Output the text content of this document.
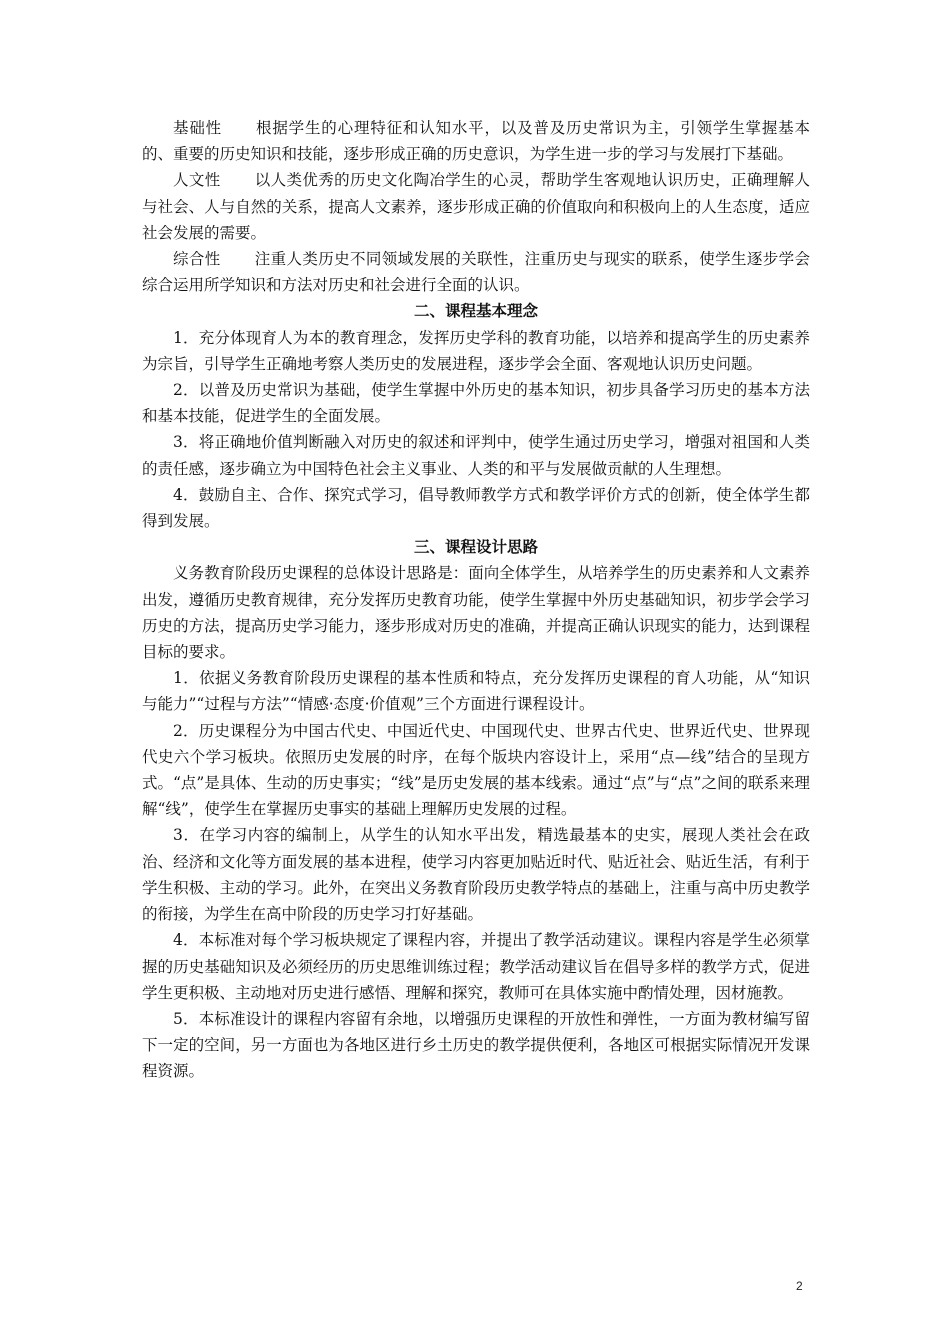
基础性 根据学生的心理特征和认知水平，以及普及历史常识为主，引领学生掌握基本的、重要的历史知识和技能，逐步形成正确的历史意识，为学生进一步的学习与发展打下基础。

人文性 以人类优秀的历史文化陶冶学生的心灵，帮助学生客观地认识历史，正确理解人与社会、人与自然的关系，提高人文素养，逐步形成正确的价值取向和积极向上的人生态度，适应社会发展的需要。

综合性 注重人类历史不同领域发展的关联性，注重历史与现实的联系，使学生逐步学会综合运用所学知识和方法对历史和社会进行全面的认识。

二、课程基本理念

1．充分体现育人为本的教育理念，发挥历史学科的教育功能，以培养和提高学生的历史素养为宗旨，引导学生正确地考察人类历史的发展进程，逐步学会全面、客观地认识历史问题。

2．以普及历史常识为基础，使学生掌握中外历史的基本知识，初步具备学习历史的基本方法和基本技能，促进学生的全面发展。

3．将正确地价值判断融入对历史的叙述和评判中，使学生通过历史学习，增强对祖国和人类的责任感，逐步确立为中国特色社会主义事业、人类的和平与发展做贡献的人生理想。

4．鼓励自主、合作、探究式学习，倡导教师教学方式和教学评价方式的创新，使全体学生都得到发展。

三、课程设计思路

义务教育阶段历史课程的总体设计思路是：面向全体学生，从培养学生的历史素养和人文素养出发，遵循历史教育规律，充分发挥历史教育功能，使学生掌握中外历史基础知识，初步学会学习历史的方法，提高历史学习能力，逐步形成对历史的准确，并提高正确认识现实的能力，达到课程目标的要求。

1．依据义务教育阶段历史课程的基本性质和特点，充分发挥历史课程的育人功能，从“知识与能力”“过程与方法”“情感·态度·价值观”三个方面进行课程设计。

2．历史课程分为中国古代史、中国近代史、中国现代史、世界古代史、世界近代史、世界现代史六个学习板块。依照历史发展的时序，在每个版块内容设计上，采用“点—线”结合的呈现方式。“点”是具体、生动的历史事实；“线”是历史发展的基本线索。通过“点”与“点”之间的联系来理解“线”，使学生在掌握历史事实的基础上理解历史发展的过程。

3．在学习内容的编制上，从学生的认知水平出发，精选最基本的史实，展现人类社会在政治、经济和文化等方面发展的基本进程，使学习内容更加贴近时代、贴近社会、贴近生活，有利于学生积极、主动的学习。此外，在突出义务教育阶段历史教学特点的基础上，注重与高中历史教学的衔接，为学生在高中阶段的历史学习打好基础。

4．本标准对每个学习板块规定了课程内容，并提出了教学活动建议。课程内容是学生必须掌握的历史基础知识及必须经历的历史思维训练过程；教学活动建议旨在倡导多样的教学方式，促进学生更积极、主动地对历史进行感悟、理解和探究，教师可在具体实施中酌情处理，因材施教。

5．本标准设计的课程内容留有余地，以增强历史课程的开放性和弹性，一方面为教材编写留下一定的空间，另一方面也为各地区进行乡土历史的教学提供便利，各地区可根据实际情况开发课程资源。

2
